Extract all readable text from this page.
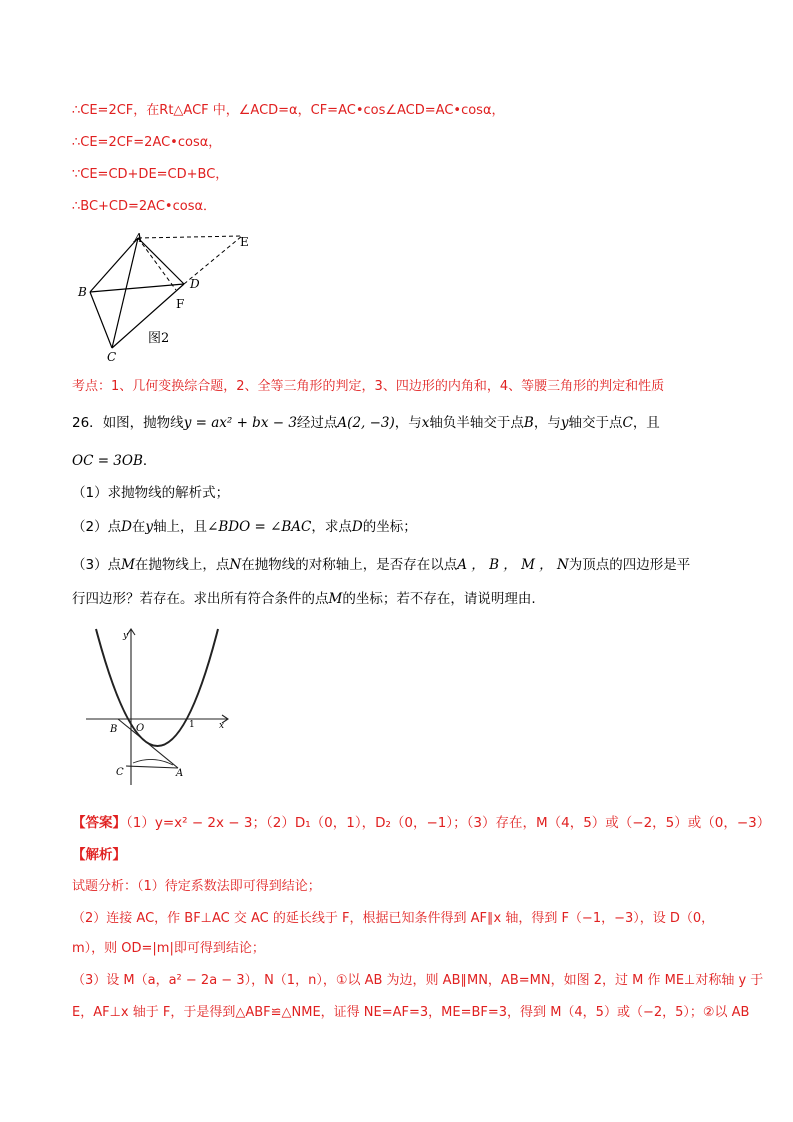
∴CE=2CF，在Rt△ACF 中，∠ACD=α，CF=AC•cos∠ACD=AC•cosα，
∴CE=2CF=2AC•cosα，
∵CE=CD+DE=CD+BC，
∴BC+CD=2AC•cosα．
A
B
C
D
E
F
图2
考点：1、几何变换综合题，2、全等三角形的判定，3、四边形的内角和，4、等腰三角形的判定和性质
26．如图，抛物线y = ax² + bx − 3经过点A(2, −3)，与x轴负半轴交于点B，与y轴交于点C，且
OC = 3OB．
（1）求抛物线的解析式；
（2）点D在y轴上，且∠BDO = ∠BAC，求点D的坐标；
（3）点M在抛物线上，点N在抛物线的对称轴上，是否存在以点A ， B ， M ， N为顶点的四边形是平
行四边形？若存在。求出所有符合条件的点M的坐标；若不存在，请说明理由.
y
x
O
B	1
C	A
【答案】（1）y=x² − 2x − 3；（2）D₁（0，1），D₂（0，−1）；（3）存在，M（4，5）或（−2，5）或（0，−3）
【解析】
试题分析：（1）待定系数法即可得到结论；
（2）连接 AC，作 BF⊥AC 交 AC 的延长线于 F，根据已知条件得到 AF∥x 轴，得到 F（−1，−3），设 D（0，
m），则 OD=|m|即可得到结论；
（3）设 M（a，a² − 2a − 3），N（1，n），①以 AB 为边，则 AB∥MN，AB=MN，如图 2，过 M 作 ME⊥对称轴 y 于
E，AF⊥x 轴于 F，于是得到△ABF≌△NME，证得 NE=AF=3，ME=BF=3，得到 M（4，5）或（−2，5）；②以 AB
